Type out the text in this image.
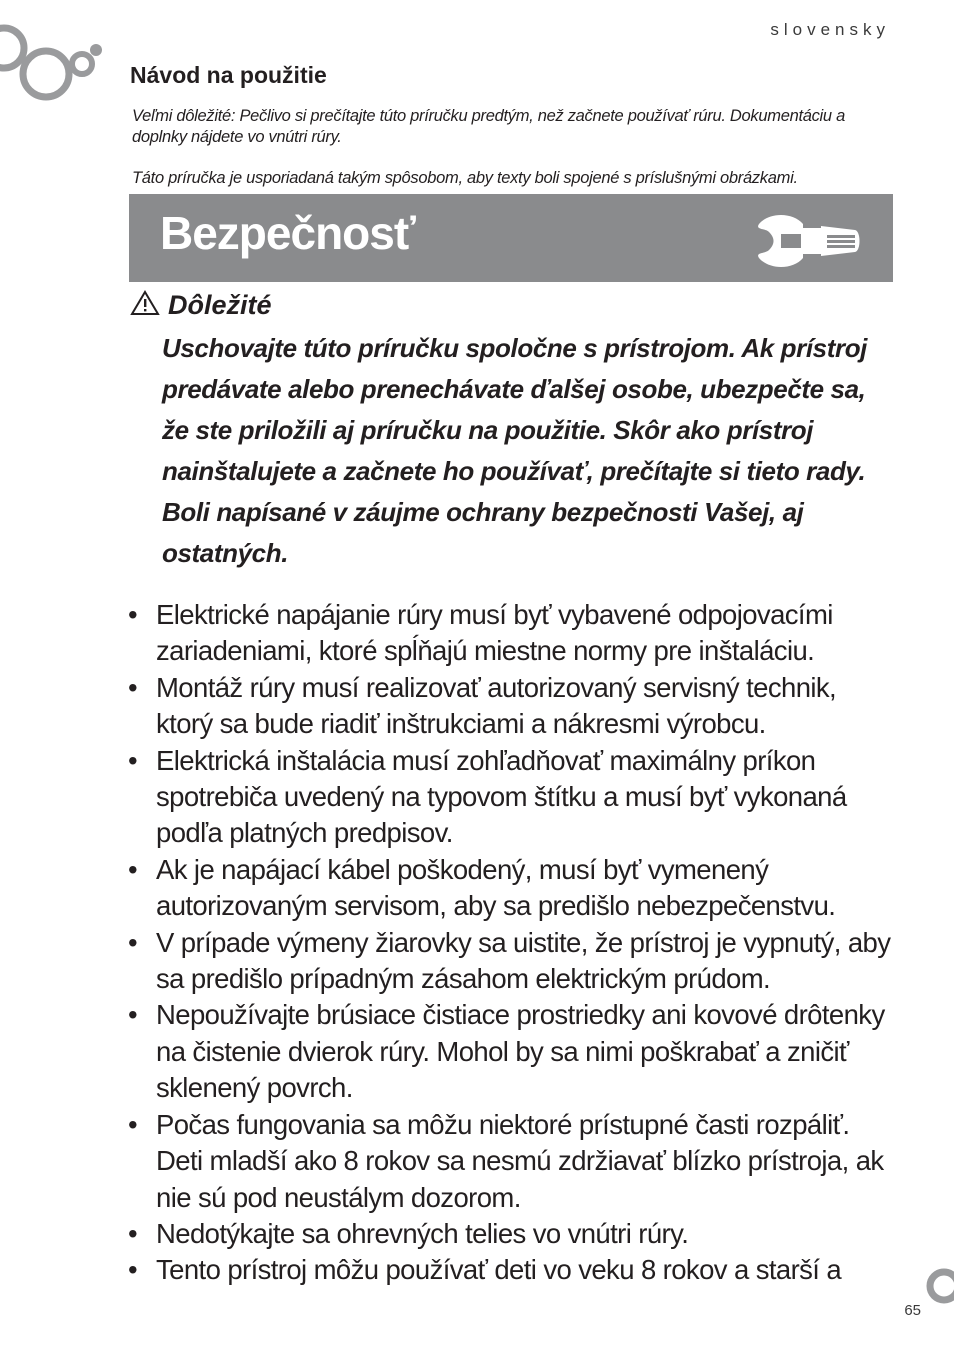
slovensky
Návod na použitie
Veľmi dôležité: Pečlivo si prečítajte túto príručku predtým, než začnete používať rúru. Dokumentáciu a doplnky nájdete vo vnútri rúry.
Táto príručka je usporiadaná takým spôsobom, aby texty boli spojené s príslušnými obrázkami.
Bezpečnosť
Dôležité
Uschovajte túto príručku spoločne s prístrojom. Ak prístroj predávate alebo prenechávate ďalšej osobe, ubezpečte sa, že ste priložili aj príručku na použitie. Skôr ako prístroj nainštalujete a začnete ho používať, prečítajte si tieto rady. Boli napísané v záujme ochrany bezpečnosti Vašej, aj ostatných.
• Elektrické napájanie rúry musí byť vybavené odpojovacími zariadeniami, ktoré spĺňajú miestne normy pre inštaláciu.
• Montáž rúry musí realizovať autorizovaný servisný technik, ktorý sa bude riadiť inštrukciami a nákresmi výrobcu.
• Elektrická inštalácia musí zohľadňovať maximálny príkon spotrebiča uvedený na typovom štítku a musí byť vykonaná podľa platných predpisov.
• Ak je napájací kábel poškodený, musí byť vymenený autorizovaným servisom, aby sa predišlo nebezpečenstvu.
• V prípade výmeny žiarovky sa uistite, že prístroj je vypnutý, aby sa predišlo prípadným zásahom elektrickým prúdom.
• Nepoužívajte brúsiace čistiace prostriedky ani kovové drôtenky na čistenie dvierok rúry. Mohol by sa nimi poškrabať a zničiť sklenený povrch.
• Počas fungovania sa môžu niektoré prístupné časti rozpáliť. Deti mladší ako 8 rokov sa nesmú zdržiavať blízko prístroja, ak nie sú pod neustálym dozorom.
• Nedotýkajte sa ohrevných telies vo vnútri rúry.
• Tento prístroj môžu používať deti vo veku 8 rokov a starší a
65
